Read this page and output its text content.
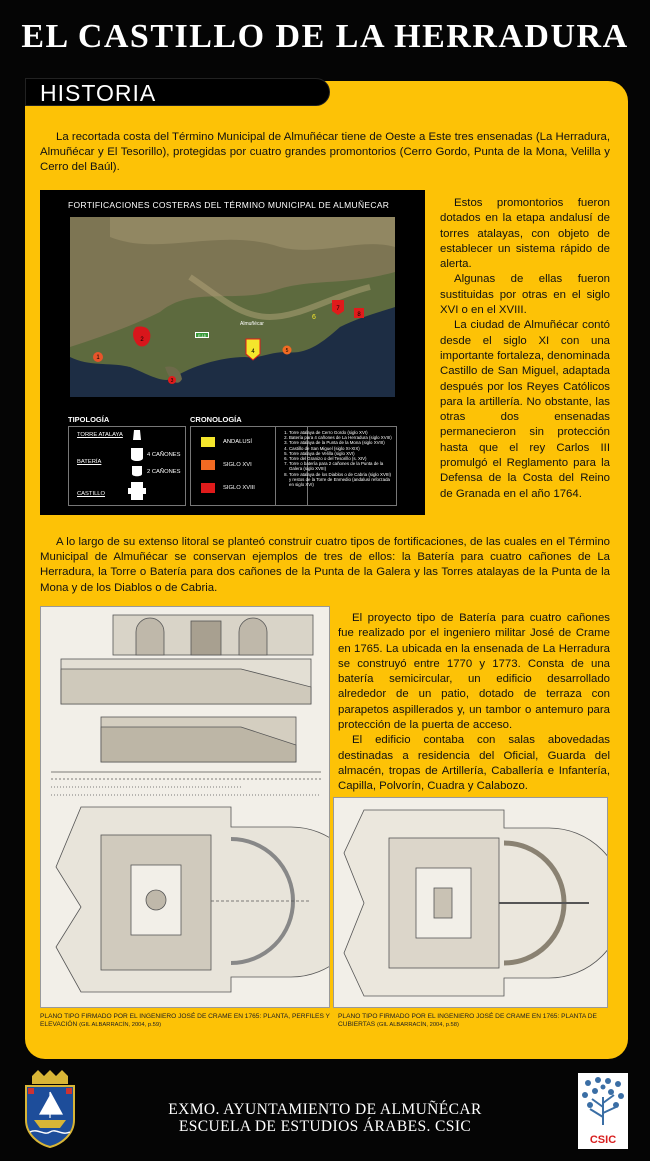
EL CASTILLO DE LA HERRADURA
HISTORIA

La recortada costa del Término Municipal de Almuñécar tiene de Oeste a Este tres ensenadas (La Herradura, Almuñécar y El Tesorillo), protegidas por cuatro grandes promontorios (Cerro Gordo, Punta de la Mona, Velilla y Cerro del Baúl).

FORTIFICACIONES COSTERAS DEL TÉRMINO MUNICIPAL DE ALMUÑECAR
E-15
Almuñécar
1
2
3
4	5
6
7
8
TIPOLOGÍA
TORRE ATALAYA
BATERÍA
CASTILLO
4 CAÑONES
2 CAÑONES
CRONOLOGÍA
ANDALUSÍ
SIGLO XVI
SIGLO XVIII
1. Torre atalaya de Cerro Gordo (siglo XVI)
2. Batería para 4 cañones de La Herradura (siglo XVIII)
3. Torre atalaya de la Punta de la Mona (siglo XVIII)
4. Castillo de San Miguel (siglo XI-XIX)
5. Torre atalaya de Velilla (siglo XVI)
6. Torre del Granizo o del Tesorillo (s. XIV)
7. Torre o batería para 2 cañones de la Punta de la Galera (siglo XVIII)
8. Torre atalaya de los Diablos o de Cabria (siglo XVIII) y restos de la Torre de Enmedio (andalusí reforzada en siglo XVI)

Estos promontorios fueron dotados en la etapa andalusí de torres atalayas, con objeto de establecer un sistema rápido de alerta.

Algunas de ellas fueron sustituidas por otras en el siglo XVI o en el XVIII.

La ciudad de Almuñécar contó desde el siglo XI con una importante fortaleza, denominada Castillo de San Miguel, adaptada después por los Reyes Católicos para la artillería. No obstante, las otras dos ensenadas permanecieron sin protección hasta que el rey Carlos III promulgó el Reglamento para la Defensa de la Costa del Reino de Granada en el año 1764.

A lo largo de su extenso litoral se planteó construir cuatro tipos de fortificaciones, de las cuales en el Término Municipal de Almuñécar se conservan ejemplos de tres de ellos: la Batería para cuatro cañones de La Herradura, la Torre o Batería para dos cañones de la Punta de la Galera y las Torres atalayas de la Punta de la Mona y de los Diablos o de Cabria.

El proyecto tipo de Batería para cuatro cañones fue realizado por el ingeniero militar José de Crame en 1765. La ubicada en la ensenada de La Herradura se construyó entre 1770 y 1773. Consta de una batería semicircular, un edificio desarrollado alrededor de un patio, dotado de terraza con parapetos aspillerados y, un tambor o antemuro para protección de la puerta de acceso.

El edificio contaba con salas abovedadas destinadas a residencia del Oficial, Guarda del almacén, tropas de Artillería, Caballería e Infantería, Capilla, Polvorín, Cuadra y Calabozo.

PLANO TIPO FIRMADO POR EL INGENIERO JOSÉ DE CRAME EN 1765: PLANTA, PERFILES Y ELEVACIÓN (GIL ALBARRACÍN, 2004, p.59)
PLANO TIPO FIRMADO POR EL INGENIERO JOSÉ DE CRAME EN 1765: PLANTA DE CUBIERTAS (GIL ALBARRACÍN, 2004, p.58)
EXMO. AYUNTAMIENTO DE ALMUÑÉCAR
ESCUELA DE ESTUDIOS ÁRABES. CSIC
CSIC
